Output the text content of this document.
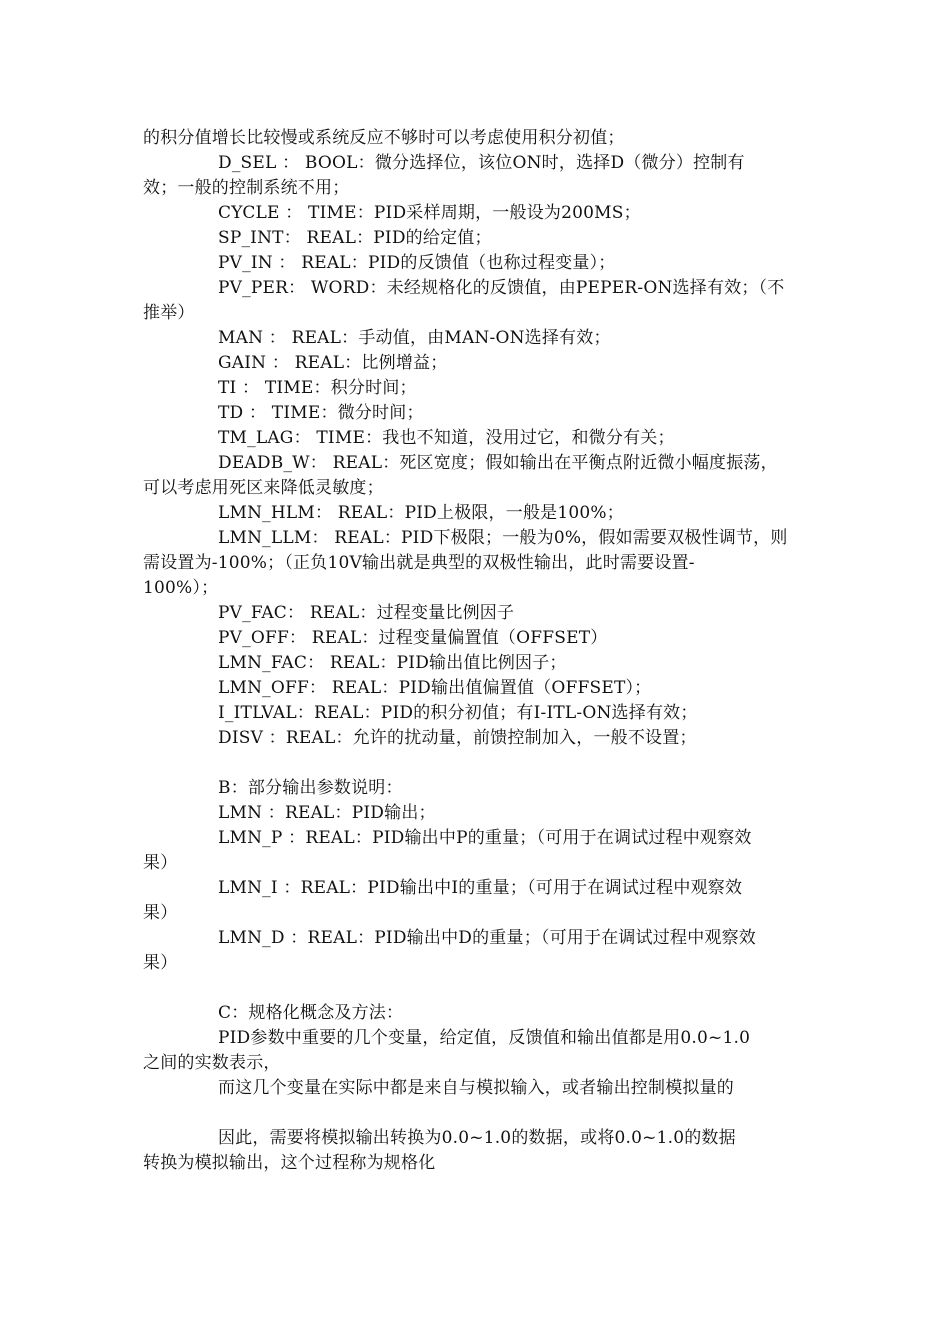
的积分值增长比较慢或系统反应不够时可以考虑使用积分初值；
D_SEL ： BOOL：微分选择位，该位ON时，选择D（微分）控制有
效；一般的控制系统不用；
CYCLE ： TIME：PID采样周期，一般设为200MS；
SP_INT： REAL：PID的给定值；
PV_IN ： REAL：PID的反馈值（也称过程变量）；
PV_PER： WORD：未经规格化的反馈值，由PEPER-ON选择有效；（不
推举）
MAN ： REAL：手动值，由MAN-ON选择有效；
GAIN ： REAL：比例增益；
TI ： TIME：积分时间；
TD ： TIME：微分时间；
TM_LAG： TIME：我也不知道，没用过它，和微分有关；
DEADB_W： REAL：死区宽度；假如输出在平衡点附近微小幅度振荡，
可以考虑用死区来降低灵敏度；
LMN_HLM： REAL：PID上极限，一般是100%；
LMN_LLM： REAL：PID下极限；一般为0%，假如需要双极性调节，则
需设置为-100%；（正负10V输出就是典型的双极性输出，此时需要设置-
100%）；
PV_FAC： REAL：过程变量比例因子
PV_OFF： REAL：过程变量偏置值（OFFSET）
LMN_FAC： REAL：PID输出值比例因子；
LMN_OFF： REAL：PID输出值偏置值（OFFSET）；
I_ITLVAL：REAL：PID的积分初值；有I-ITL-ON选择有效；
DISV ：REAL：允许的扰动量，前馈控制加入，一般不设置；
B：部分输出参数说明：
LMN ：REAL：PID输出；
LMN_P ：REAL：PID输出中P的重量；（可用于在调试过程中观察效
果）
LMN_I ：REAL：PID输出中I的重量；（可用于在调试过程中观察效
果）
LMN_D ：REAL：PID输出中D的重量；（可用于在调试过程中观察效
果）
C：规格化概念及方法：
PID参数中重要的几个变量，给定值，反馈值和输出值都是用0.0~1.0
之间的实数表示，
而这几个变量在实际中都是来自与模拟输入，或者输出控制模拟量的
因此，需要将模拟输出转换为0.0~1.0的数据，或将0.0~1.0的数据
转换为模拟输出，这个过程称为规格化
